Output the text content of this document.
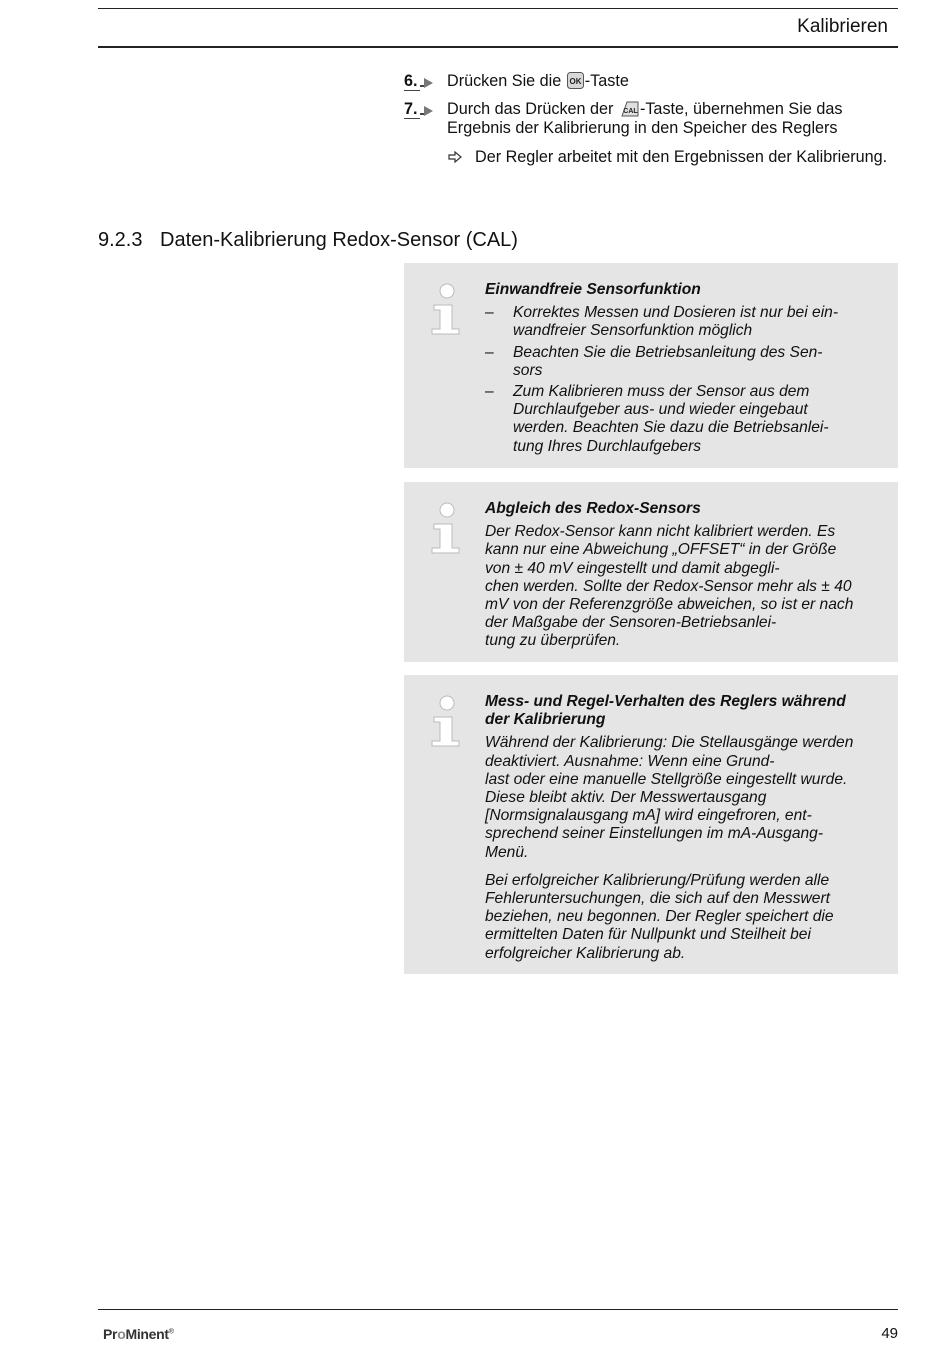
Kalibrieren
6. Drücken Sie die OK -Taste
7. Durch das Drücken der CAL -Taste, übernehmen Sie das Ergebnis der Kalibrierung in den Speicher des Reglers
Der Regler arbeitet mit den Ergebnissen der Kalibrierung.
9.2.3 Daten-Kalibrierung Redox-Sensor (CAL)
Einwandfreie Sensorfunktion
– Korrektes Messen und Dosieren ist nur bei ein-
wandfreier Sensorfunktion möglich
– Beachten Sie die Betriebsanleitung des Sen-
sors
– Zum Kalibrieren muss der Sensor aus dem Durchlaufgeber aus- und wieder eingebaut werden. Beachten Sie dazu die Betriebsanlei-
tung Ihres Durchlaufgebers
Abgleich des Redox-Sensors

Der Redox-Sensor kann nicht kalibriert werden. Es kann nur eine Abweichung „OFFSET“ in der Größe von ± 40 mV eingestellt und damit abgegli-
chen werden. Sollte der Redox-Sensor mehr als ± 40 mV von der Referenzgröße abweichen, so ist er nach der Maßgabe der Sensoren-Betriebsanlei-
tung zu überprüfen.

Mess- und Regel-Verhalten des Reglers während der Kalibrierung

Während der Kalibrierung: Die Stellausgänge werden deaktiviert. Ausnahme: Wenn eine Grund-
last oder eine manuelle Stellgröße eingestellt wurde. Diese bleibt aktiv. Der Messwertausgang [Normsignalausgang mA] wird eingefroren, ent-
sprechend seiner Einstellungen im mA-Ausgang-
Menü.

Bei erfolgreicher Kalibrierung/Prüfung werden alle Fehleruntersuchungen, die sich auf den Messwert beziehen, neu begonnen. Der Regler speichert die ermittelten Daten für Nullpunkt und Steilheit bei erfolgreicher Kalibrierung ab.

ProMinent®	49
